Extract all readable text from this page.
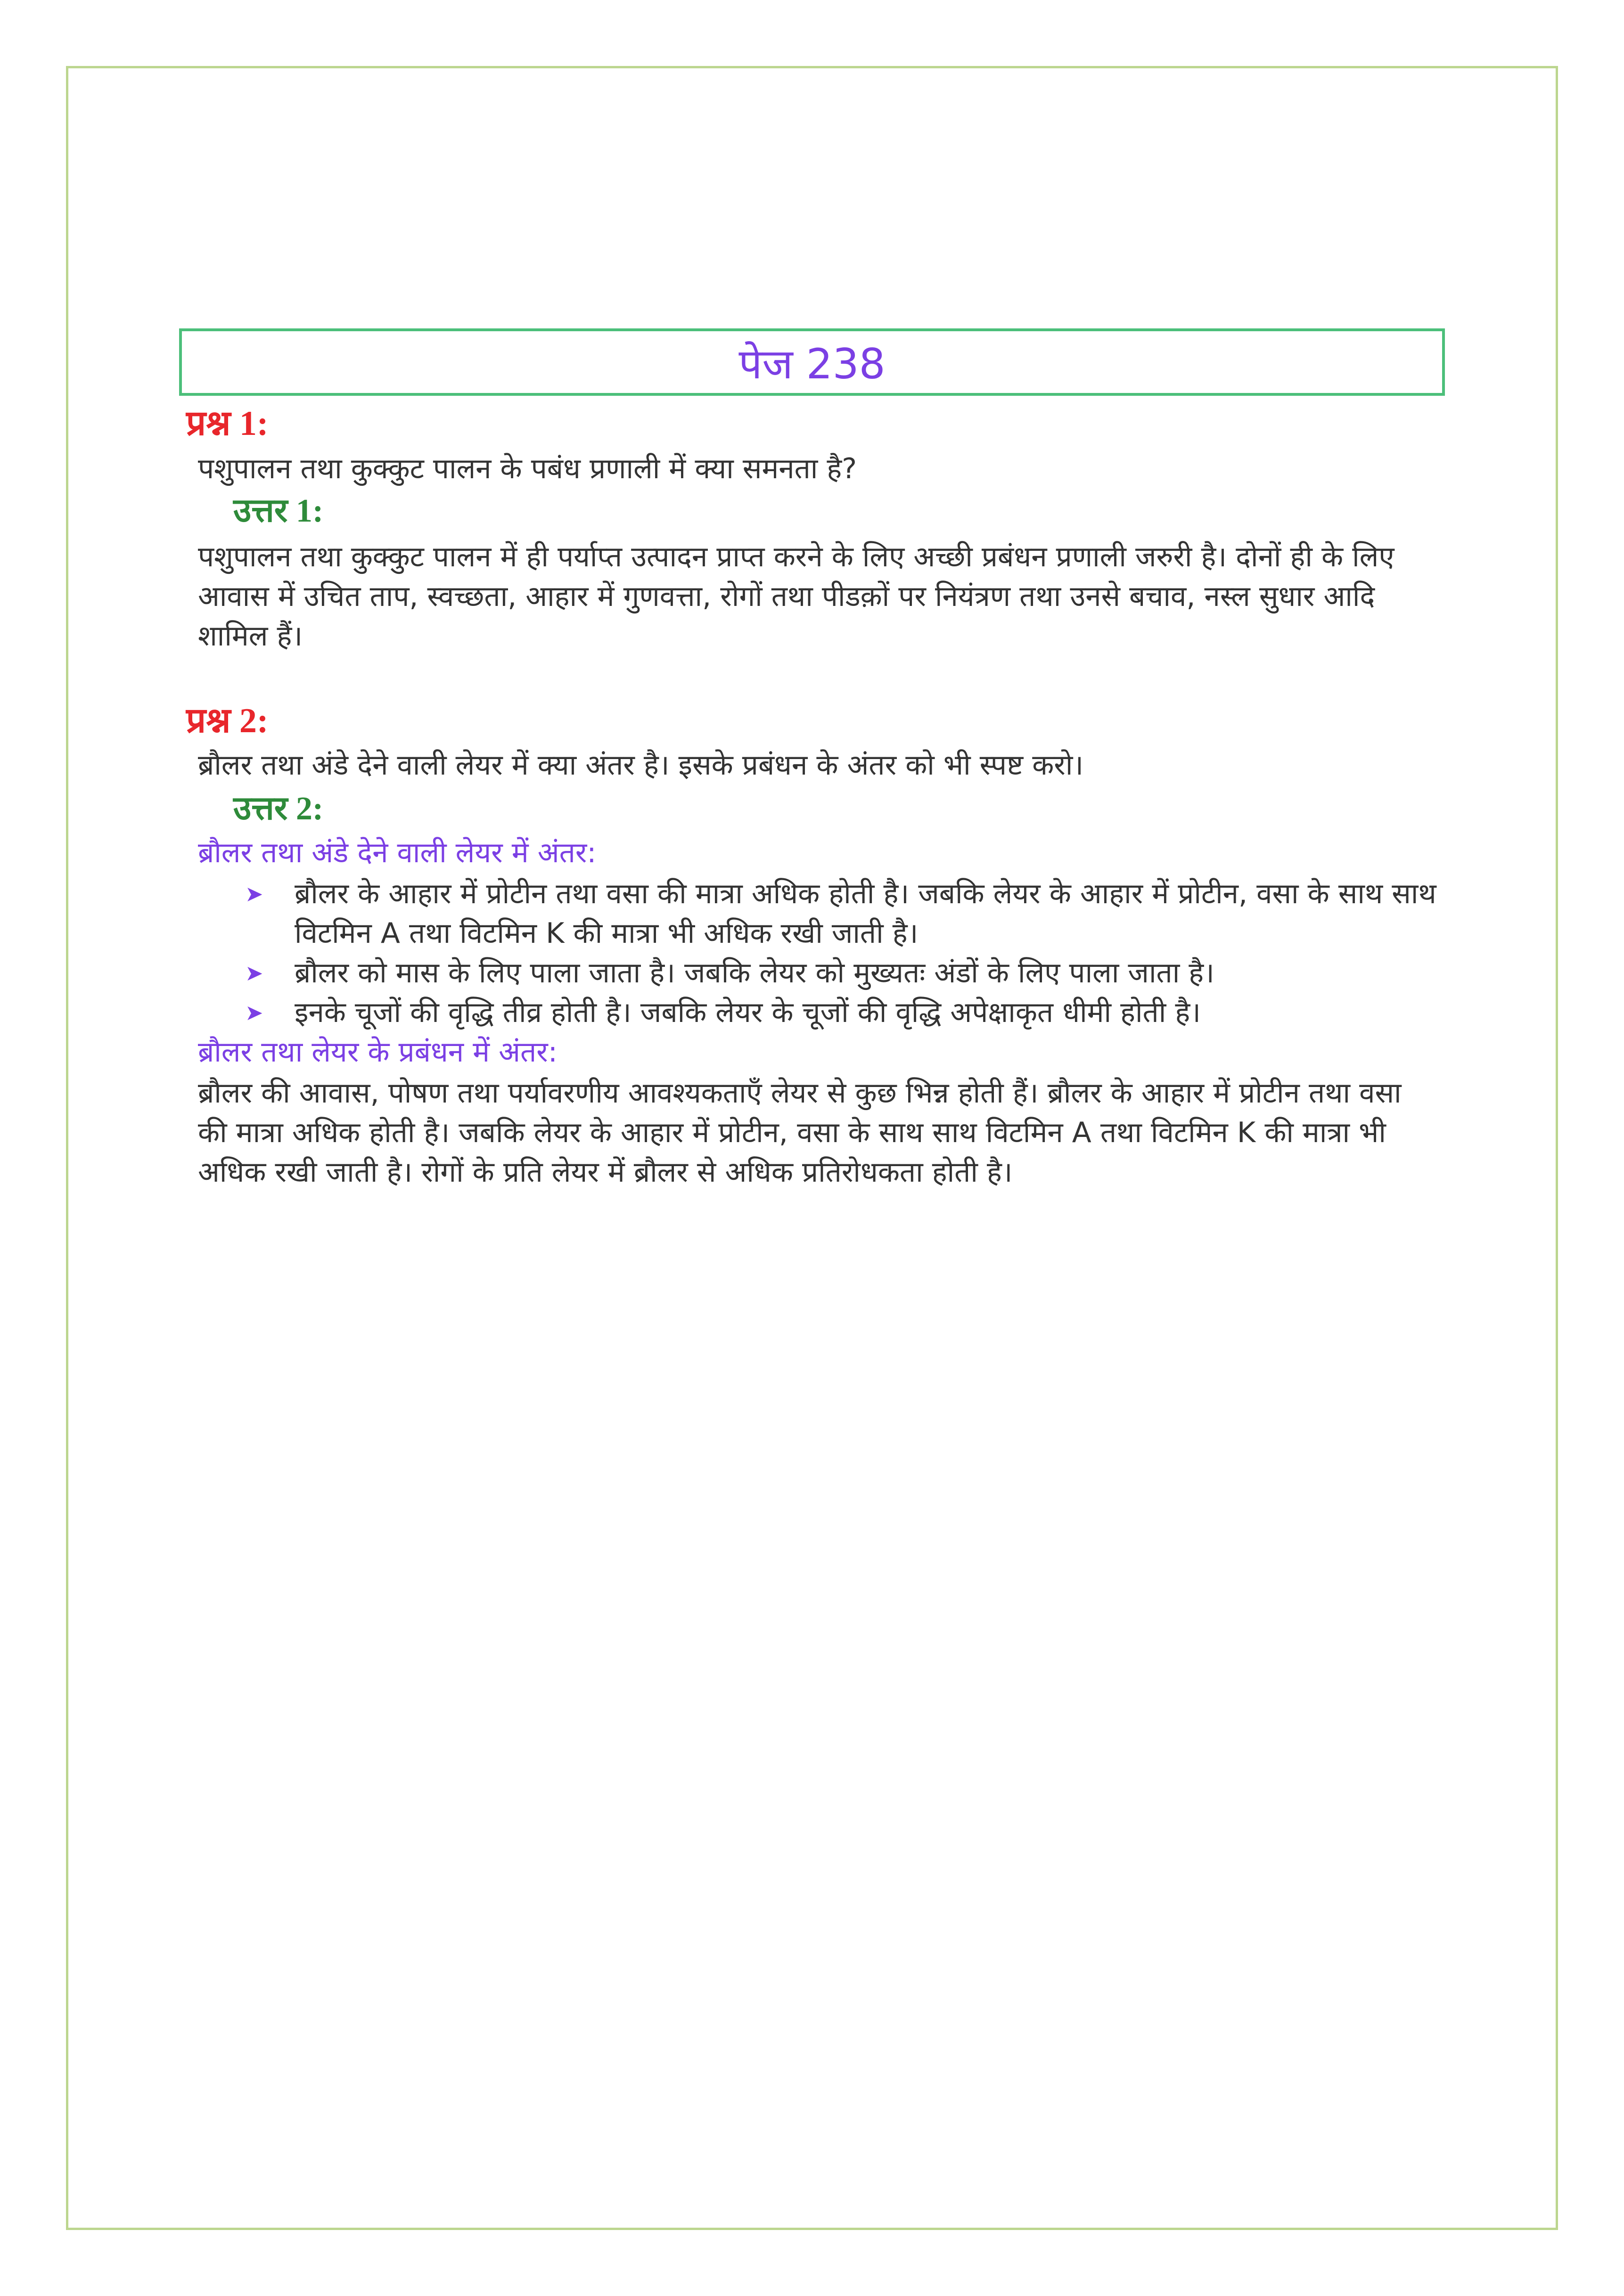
पेज 238
प्रश्न 1:
पशुपालन तथा कुक्कुट पालन के पबंध प्रणाली में क्या समनता है?
उत्तर 1:
पशुपालन तथा कुक्कुट पालन में ही पर्याप्त उत्पादन प्राप्त करने के लिए अच्छी प्रबंधन प्रणाली जरुरी है। दोनों ही के लिए आवास में उचित ताप, स्वच्छता, आहार में गुणवत्ता, रोगों तथा पीडक़ों पर नियंत्रण तथा उनसे बचाव, नस्ल सुधार आदि शामिल हैं।
प्रश्न 2:
ब्रौलर तथा अंडे देने वाली लेयर में क्या अंतर है। इसके प्रबंधन के अंतर को भी स्पष्ट करो।
उत्तर 2:
ब्रौलर तथा अंडे देने वाली लेयर में अंतर:
➤ ब्रौलर के आहार में प्रोटीन तथा वसा की मात्रा अधिक होती है। जबकि लेयर के आहार में प्रोटीन, वसा के साथ साथ विटमिन A तथा विटमिन K की मात्रा भी अधिक रखी जाती है।
➤ ब्रौलर को मास के लिए पाला जाता है। जबकि लेयर को मुख्यतः अंडों के लिए पाला जाता है।
➤ इनके चूजों की वृद्धि तीव्र होती है। जबकि लेयर के चूजों की वृद्धि अपेक्षाकृत धीमी होती है।
ब्रौलर तथा लेयर के प्रबंधन में अंतर:
ब्रौलर की आवास, पोषण तथा पर्यावरणीय आवश्यकताएँ लेयर से कुछ भिन्न होती हैं। ब्रौलर के आहार में प्रोटीन तथा वसा की मात्रा अधिक होती है। जबकि लेयर के आहार में प्रोटीन, वसा के साथ साथ विटमिन A तथा विटमिन K की मात्रा भी अधिक रखी जाती है। रोगों के प्रति लेयर में ब्रौलर से अधिक प्रतिरोधकता होती है।
